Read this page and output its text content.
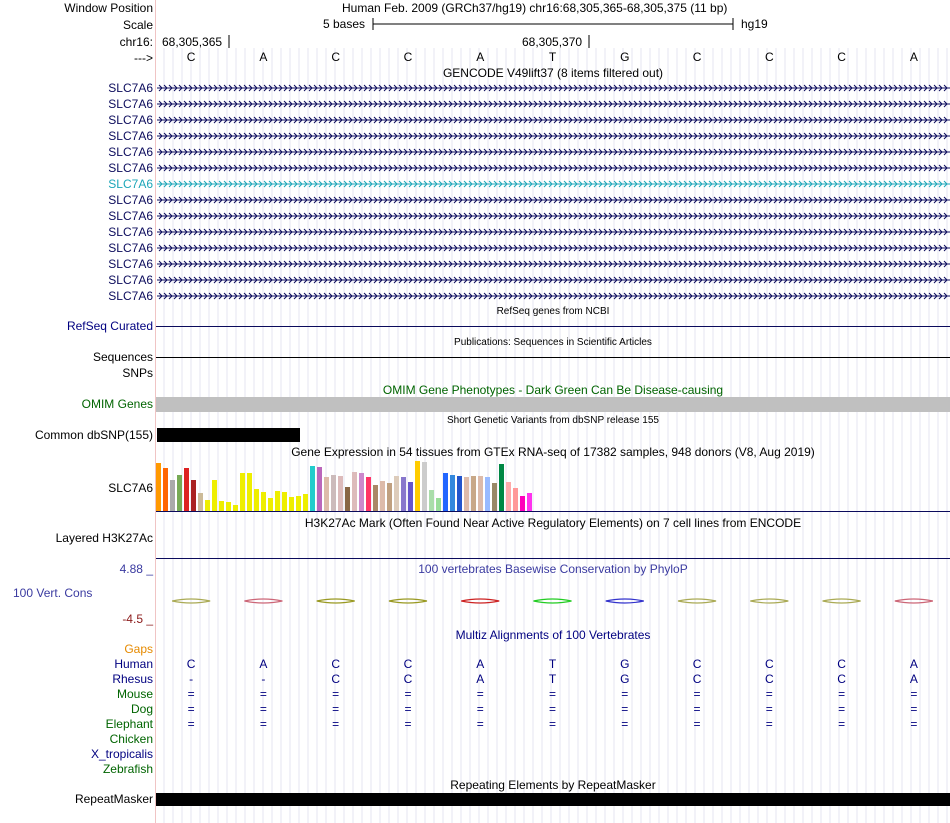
Window Position	Human Feb. 2009 (GRCh37/hg19) chr16:68,305,365-68,305,375 (11 bp)
Scale	5 bases	hg19
chr16: 68,305,365	68,305,370
--->	C	A	C	C	A	T	G	C	C	C	A
GENCODE V49lift37 (8 items filtered out)
SLC7A6
SLC7A6
SLC7A6
SLC7A6
SLC7A6
SLC7A6
SLC7A6
SLC7A6
SLC7A6
SLC7A6
SLC7A6
SLC7A6
SLC7A6
SLC7A6
RefSeq genes from NCBI
RefSeq Curated
Publications: Sequences in Scientific Articles
Sequences
SNPs
OMIM Gene Phenotypes - Dark Green Can Be Disease-causing
OMIM Genes
Short Genetic Variants from dbSNP release 155
Common dbSNP(155)
Gene Expression in 54 tissues from GTEx RNA-seq of 17382 samples, 948 donors (V8, Aug 2019)
SLC7A6
H3K27Ac Mark (Often Found Near Active Regulatory Elements) on 7 cell lines from ENCODE
Layered H3K27Ac
100 vertebrates Basewise Conservation by PhyloP
4.88 _
100 Vert. Cons
-4.5 _
Multiz Alignments of 100 Vertebrates
Gaps
Human	C	A	C	C	A	T	G	C	C	C	A
Rhesus	-	-	C	C	A	T	G	C	C	C	A
Mouse	=	=	=	=	=	=	=	=	=	=	=
Dog	=	=	=	=	=	=	=	=	=	=	=
Elephant	=	=	=	=	=	=	=	=	=	=	=
Chicken
X_tropicalis
Zebrafish
Repeating Elements by RepeatMasker
RepeatMasker
